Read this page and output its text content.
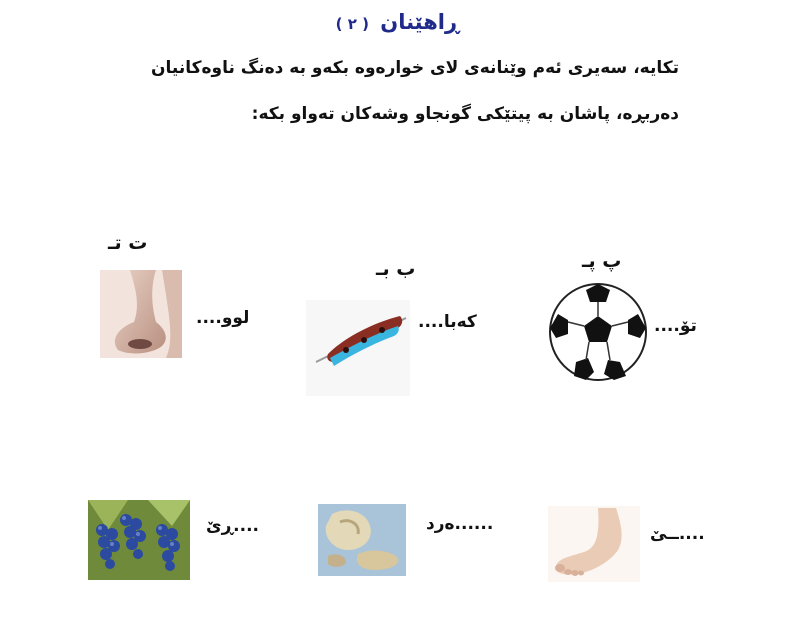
ڕاهێنان ( ٢ )
تکایه، سەیری ئەم وێنانەی لای خوارەوە بکەو بە دەنگ ناوەکانیان
دەربڕە، پاشان بە پیتێکی گونجاو وشەکان تەواو بکە:
ت تـ
لوو....
ب بـ
کەبا....
پ پـ
تۆ....
....ڕێ	......ەرد	....ــێ
